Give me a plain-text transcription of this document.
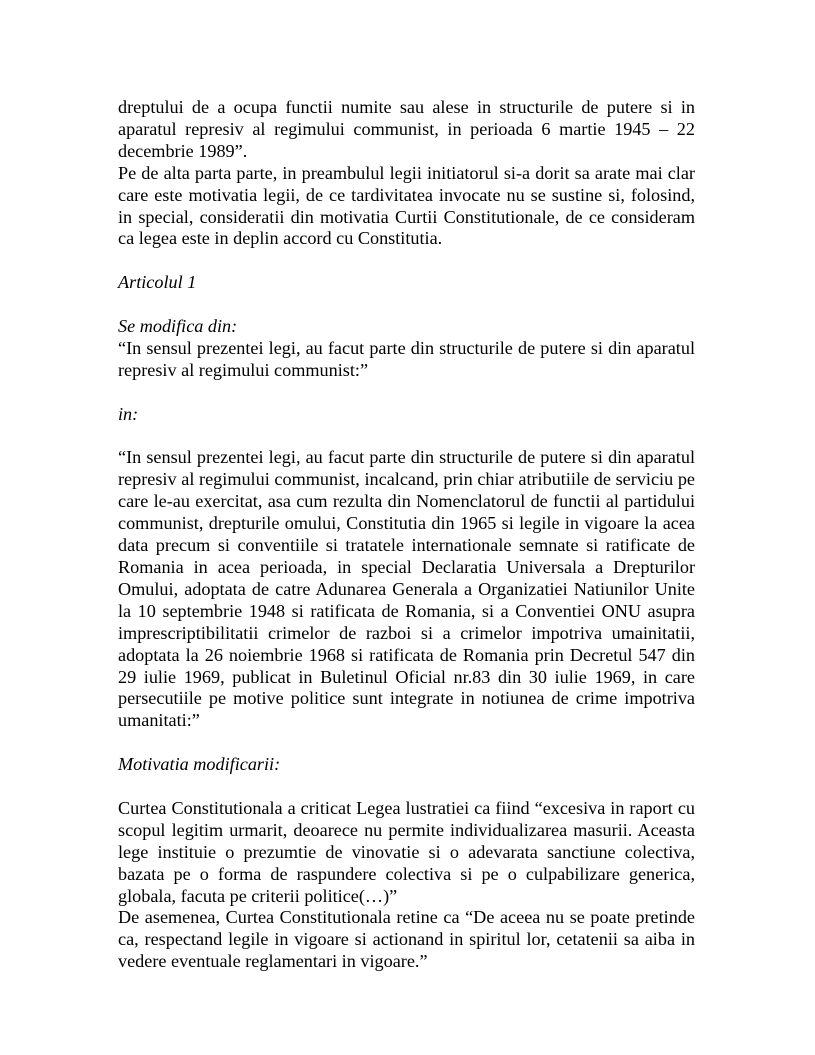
dreptului de a ocupa functii numite sau alese in structurile de putere si in aparatul represiv al regimului communist, in perioada 6 martie 1945 – 22 decembrie 1989”.

Pe de alta parta parte, in preambulul legii initiatorul si-a dorit sa arate mai clar care este motivatia legii, de ce tardivitatea invocate nu se sustine si, folosind, in special, consideratii din motivatia Curtii Constitutionale, de ce consideram ca legea este in deplin accord cu Constitutia.

Articolul 1

Se modifica din:

“In sensul prezentei legi, au facut parte din structurile de putere si din aparatul represiv al regimului communist:”

in:

“In sensul prezentei legi, au facut parte din structurile de putere si din aparatul represiv al regimului communist, incalcand, prin chiar atributiile de serviciu pe care le-au exercitat, asa cum rezulta din Nomenclatorul de functii al partidului communist, drepturile omului, Constitutia din 1965 si legile in vigoare la acea data precum si conventiile si tratatele internationale semnate si ratificate de Romania in acea perioada, in special Declaratia Universala a Drepturilor Omului, adoptata de catre Adunarea Generala a Organizatiei Natiunilor Unite la 10 septembrie 1948 si ratificata de Romania, si a Conventiei ONU asupra imprescriptibilitatii crimelor de razboi si a crimelor impotriva umainitatii, adoptata la 26 noiembrie 1968 si ratificata de Romania prin Decretul 547 din 29 iulie 1969, publicat in Buletinul Oficial nr.83 din 30 iulie 1969, in care persecutiile pe motive politice sunt integrate in notiunea de crime impotriva umanitati:”

Motivatia modificarii:

Curtea Constitutionala a criticat Legea lustratiei ca fiind “excesiva in raport cu scopul legitim urmarit, deoarece nu permite individualizarea masurii. Aceasta lege instituie o prezumtie de vinovatie si o adevarata sanctiune colectiva, bazata pe o forma de raspundere colectiva si pe o culpabilizare generica, globala, facuta pe criterii politice(…)”

De asemenea, Curtea Constitutionala retine ca “De aceea nu se poate pretinde ca, respectand legile in vigoare si actionand in spiritul lor, cetatenii sa aiba in vedere eventuale reglamentari in vigoare.”
